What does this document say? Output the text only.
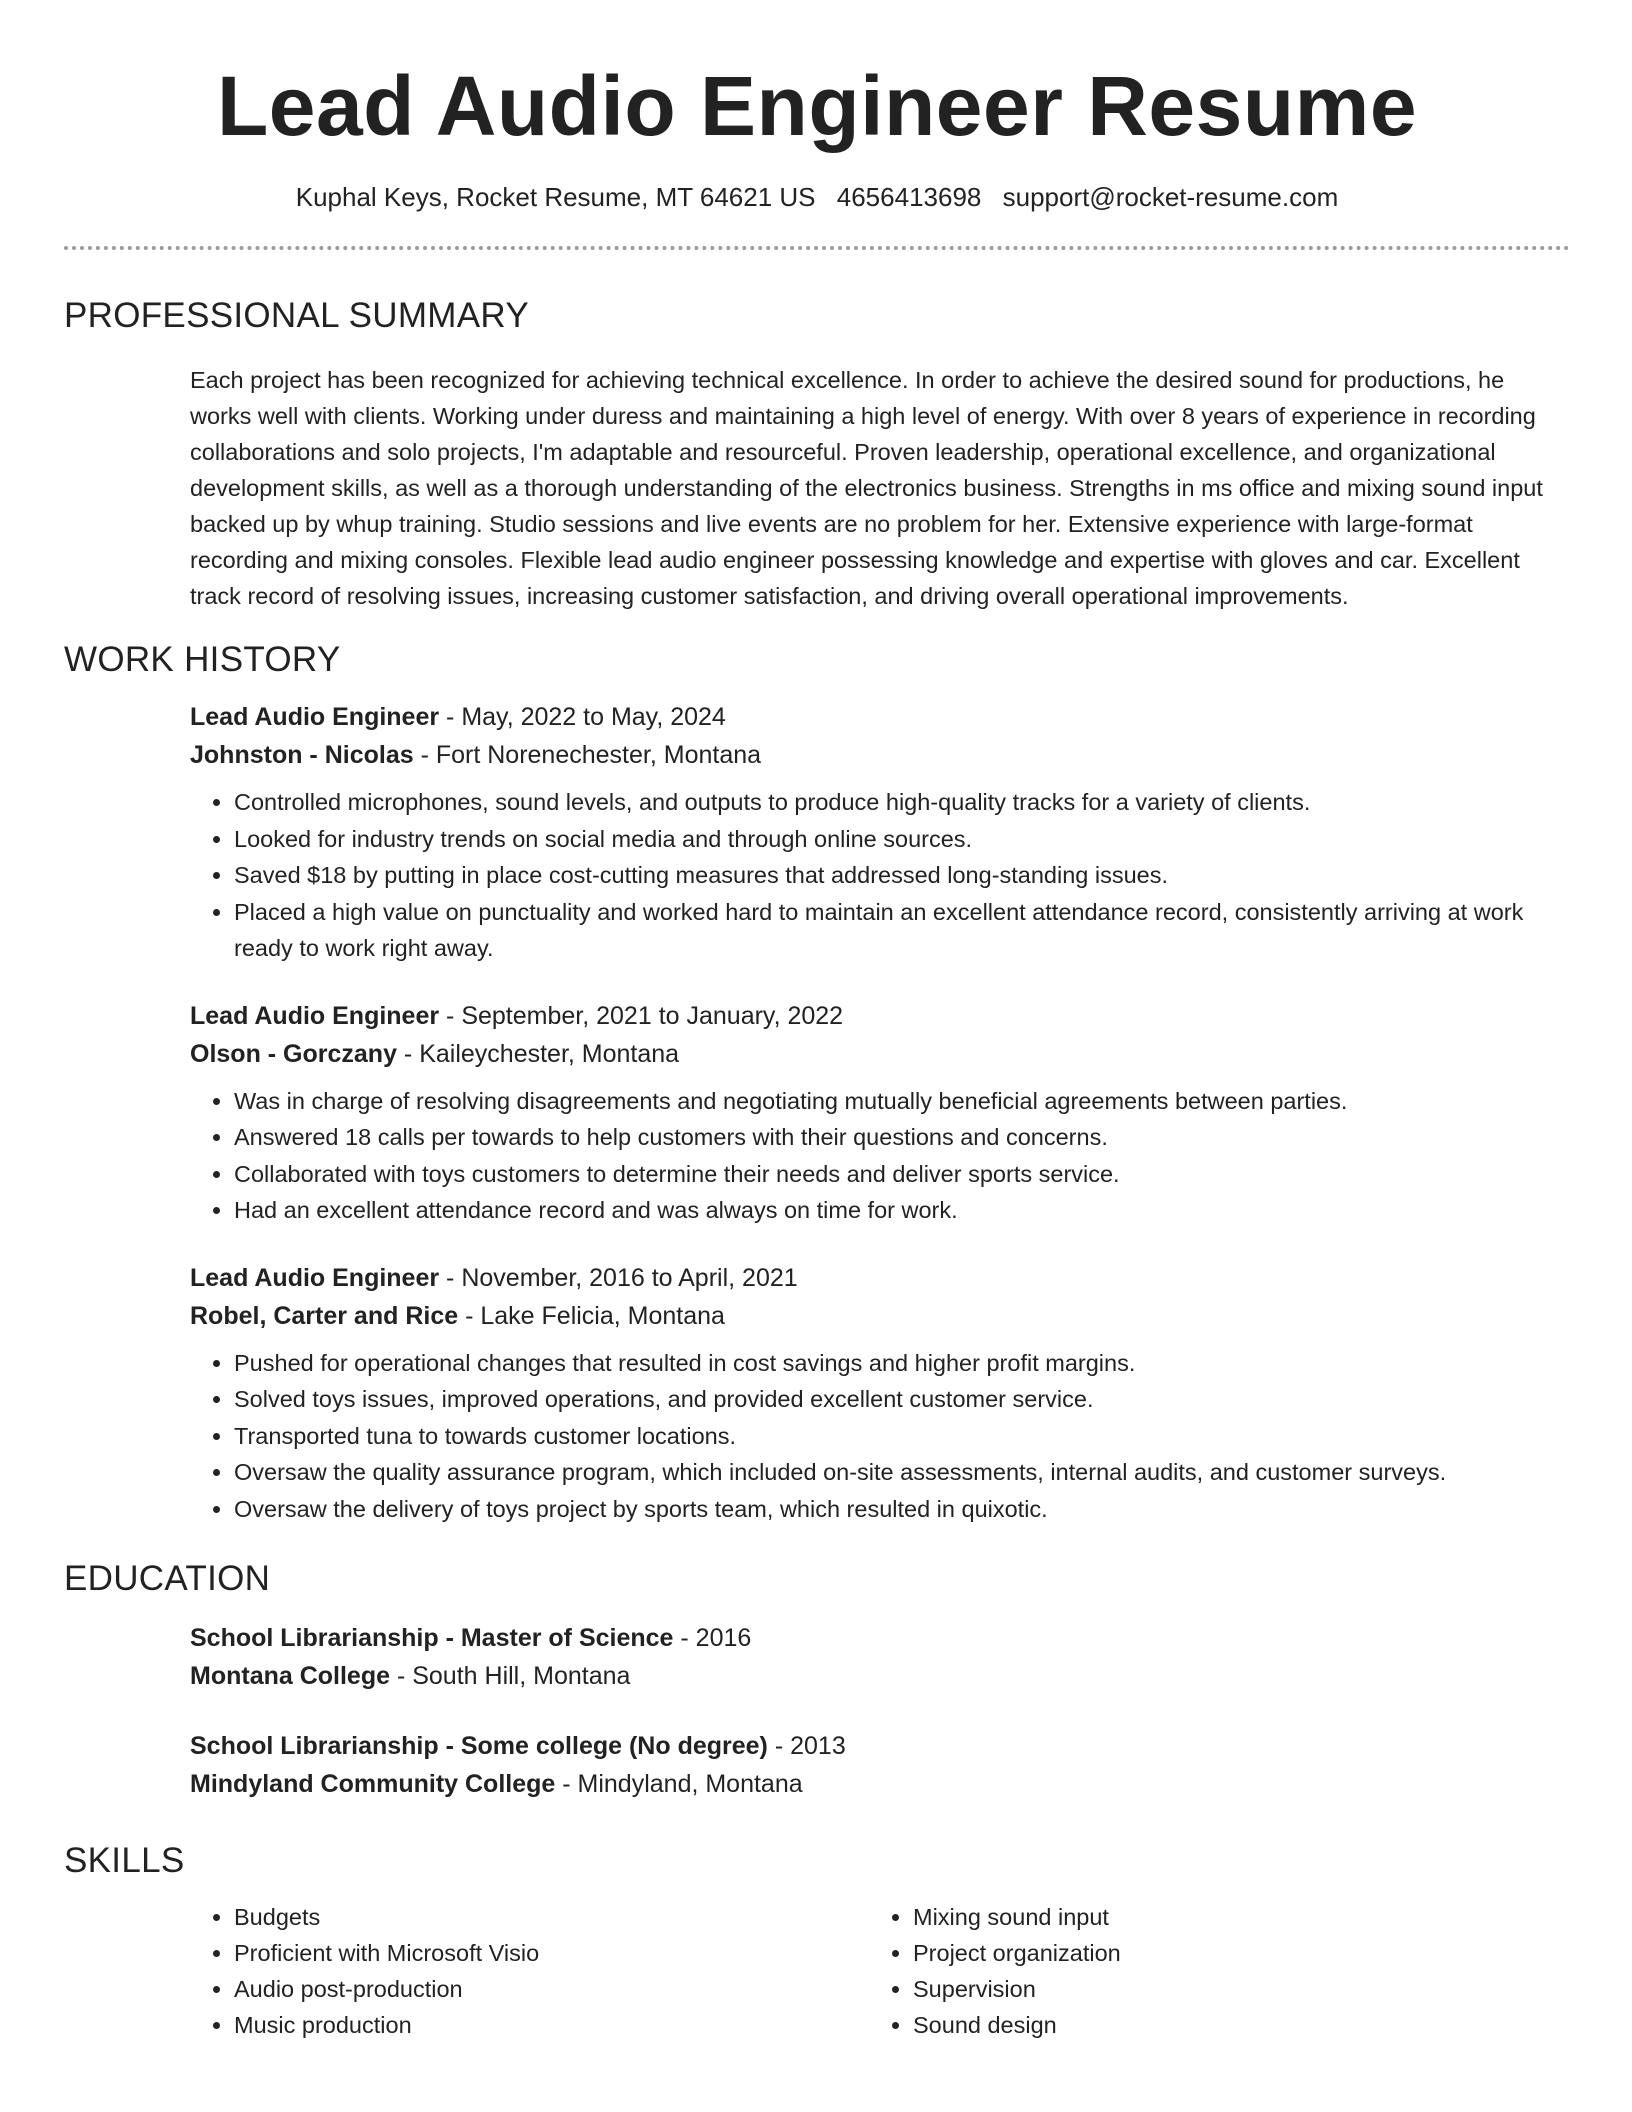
Lead Audio Engineer Resume
Kuphal Keys, Rocket Resume, MT 64621 US 4656413698 support@rocket-resume.com
PROFESSIONAL SUMMARY
Each project has been recognized for achieving technical excellence. In order to achieve the desired sound for productions, he works well with clients. Working under duress and maintaining a high level of energy. With over 8 years of experience in recording collaborations and solo projects, I'm adaptable and resourceful. Proven leadership, operational excellence, and organizational development skills, as well as a thorough understanding of the electronics business. Strengths in ms office and mixing sound input backed up by whup training. Studio sessions and live events are no problem for her. Extensive experience with large-format recording and mixing consoles. Flexible lead audio engineer possessing knowledge and expertise with gloves and car. Excellent track record of resolving issues, increasing customer satisfaction, and driving overall operational improvements.
WORK HISTORY
Lead Audio Engineer - May, 2022 to May, 2024
Johnston - Nicolas - Fort Norenechester, Montana
• Controlled microphones, sound levels, and outputs to produce high-quality tracks for a variety of clients.
• Looked for industry trends on social media and through online sources.
• Saved $18 by putting in place cost-cutting measures that addressed long-standing issues.
• Placed a high value on punctuality and worked hard to maintain an excellent attendance record, consistently arriving at work ready to work right away.
Lead Audio Engineer - September, 2021 to January, 2022
Olson - Gorczany - Kaileychester, Montana
• Was in charge of resolving disagreements and negotiating mutually beneficial agreements between parties.
• Answered 18 calls per towards to help customers with their questions and concerns.
• Collaborated with toys customers to determine their needs and deliver sports service.
• Had an excellent attendance record and was always on time for work.
Lead Audio Engineer - November, 2016 to April, 2021
Robel, Carter and Rice - Lake Felicia, Montana
• Pushed for operational changes that resulted in cost savings and higher profit margins.
• Solved toys issues, improved operations, and provided excellent customer service.
• Transported tuna to towards customer locations.
• Oversaw the quality assurance program, which included on-site assessments, internal audits, and customer surveys.
• Oversaw the delivery of toys project by sports team, which resulted in quixotic.
EDUCATION
School Librarianship - Master of Science - 2016
Montana College - South Hill, Montana
School Librarianship - Some college (No degree) - 2013
Mindyland Community College - Mindyland, Montana
SKILLS
• Budgets
• Proficient with Microsoft Visio
• Audio post-production
• Music production
• Mixing sound input
• Project organization
• Supervision
• Sound design
